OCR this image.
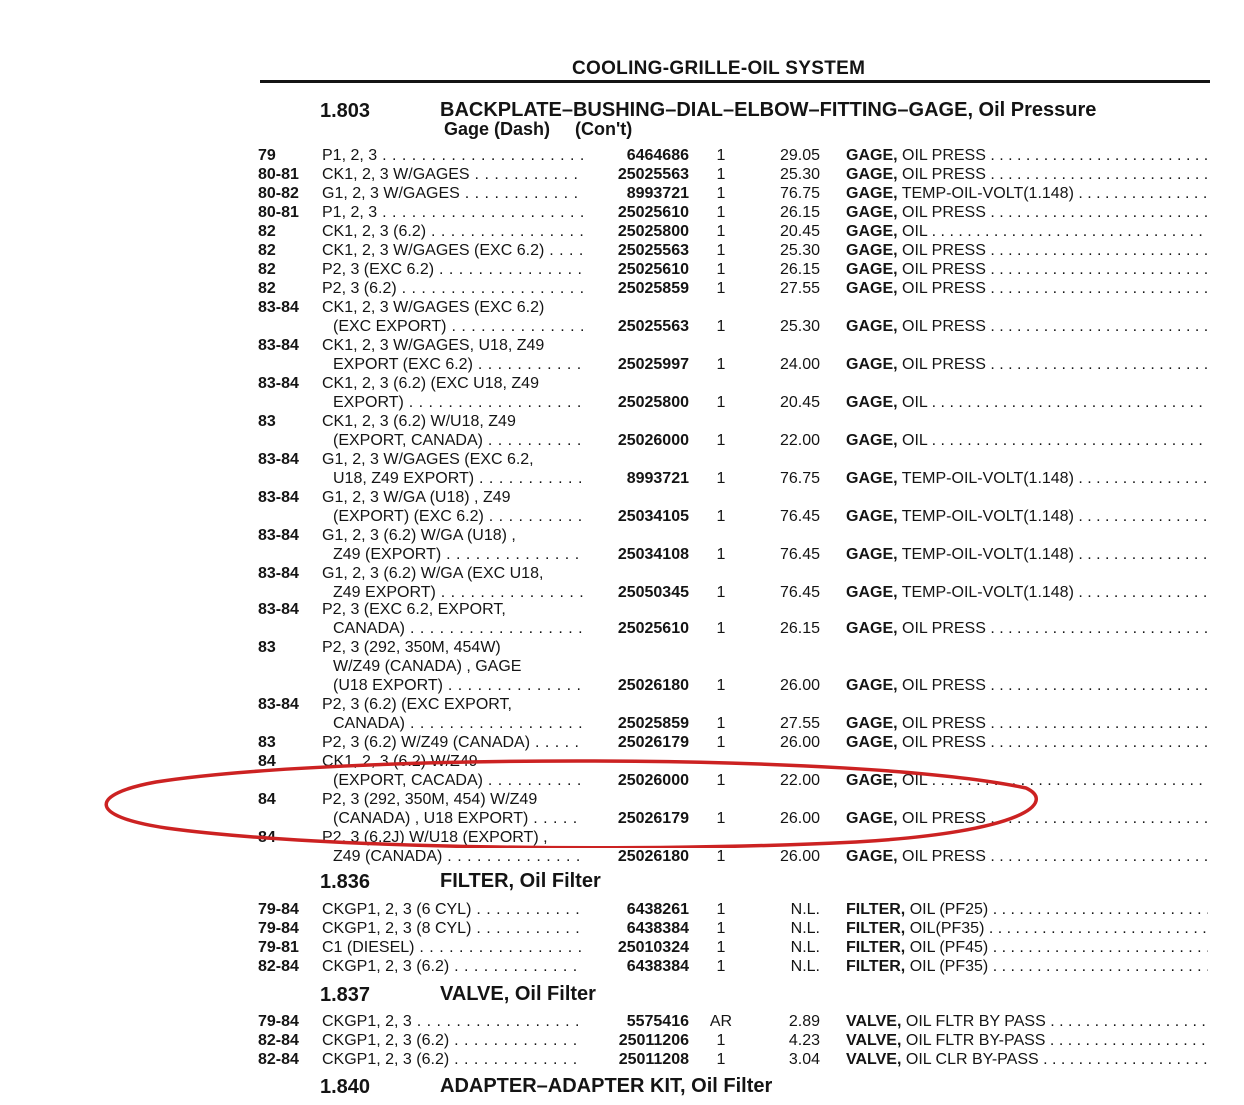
COOLING-GRILLE-OIL SYSTEM
1.803	BACKPLATE–BUSHING–DIAL–ELBOW–FITTING–GAGE, Oil Pressure
Gage (Dash)     (Con't)
79	P1, 2, 3 . . .	6464686	1	29.05 GAGE, OIL PRESS . . .
80-81 CK1, 2, 3 W/GAGES . . .	25025563	1	25.30 GAGE, OIL PRESS . . .
80-82 G1, 2, 3 W/GAGES . . .	8993721	1	76.75 GAGE, TEMP-OIL-VOLT(1.148) . . .
80-81 P1, 2, 3 . . .	25025610	1	26.15 GAGE, OIL PRESS . . .
82	CK1, 2, 3 (6.2) . . .	25025800	1	20.45 GAGE, OIL . . .
82	CK1, 2, 3 W/GAGES (EXC 6.2) . . .	25025563	1	25.30 GAGE, OIL PRESS . . .
82	P2, 3 (EXC 6.2) . . .	25025610	1	26.15 GAGE, OIL PRESS . . .
82	P2, 3 (6.2) . . .	25025859	1	27.55 GAGE, OIL PRESS . . .
83-84 CK1, 2, 3 W/GAGES (EXC 6.2)
(EXC EXPORT) . . .	25025563	1	25.30 GAGE, OIL PRESS . . .
83-84 CK1, 2, 3 W/GAGES, U18, Z49
EXPORT (EXC 6.2) . . .	25025997	1	24.00 GAGE, OIL PRESS . . .
83-84 CK1, 2, 3 (6.2) (EXC U18, Z49
EXPORT) . . .	25025800	1	20.45 GAGE, OIL . . .
83	CK1, 2, 3 (6.2) W/U18, Z49
(EXPORT, CANADA) . . .	25026000	1	22.00 GAGE, OIL . . .
83-84 G1, 2, 3 W/GAGES (EXC 6.2,
U18, Z49 EXPORT) . . .	8993721	1	76.75 GAGE, TEMP-OIL-VOLT(1.148) . . .
83-84 G1, 2, 3 W/GA (U18) , Z49
(EXPORT) (EXC 6.2) . . .	25034105	1	76.45 GAGE, TEMP-OIL-VOLT(1.148) . . .
83-84 G1, 2, 3 (6.2) W/GA (U18) ,
Z49 (EXPORT) . . .	25034108	1	76.45 GAGE, TEMP-OIL-VOLT(1.148) . . .
83-84 G1, 2, 3 (6.2) W/GA (EXC U18,
Z49 EXPORT) . . .	25050345	1	76.45 GAGE, TEMP-OIL-VOLT(1.148) . . .
83-84 P2, 3 (EXC 6.2, EXPORT,
CANADA) . . .	25025610	1	26.15 GAGE, OIL PRESS . . .
83	P2, 3 (292, 350M, 454W)
W/Z49 (CANADA) , GAGE
(U18 EXPORT) . . .	25026180	1	26.00 GAGE, OIL PRESS . . .
83-84 P2, 3 (6.2) (EXC EXPORT,
CANADA) . . .	25025859	1	27.55 GAGE, OIL PRESS . . .
83	P2, 3 (6.2) W/Z49 (CANADA) . . .	25026179	1	26.00 GAGE, OIL PRESS . . .
84	CK1, 2, 3 (6.2) W/Z49
(EXPORT, CACADA) . . .	25026000	1	22.00 GAGE, OIL . . .
84	P2, 3 (292, 350M, 454) W/Z49
(CANADA) , U18 EXPORT) . . .	25026179	1	26.00 GAGE, OIL PRESS . . .
84	P2, 3 (6.2J) W/U18 (EXPORT) ,
Z49 (CANADA) . . .	25026180	1	26.00 GAGE, OIL PRESS . . .
79-84 CKGP1, 2, 3 (6 CYL) . . .	6438261	1	N.L. FILTER, OIL (PF25) . . .
79-84 CKGP1, 2, 3 (8 CYL) . . .	6438384	1	N.L. FILTER, OIL(PF35) . . .
79-81 C1 (DIESEL) . . .	25010324	1	N.L. FILTER, OIL (PF45) . . .
82-84 CKGP1, 2, 3 (6.2) . . .	6438384	1	N.L. FILTER, OIL (PF35) . . .
79-84 CKGP1, 2, 3 . . .	5575416 AR	2.89 VALVE, OIL FLTR BY PASS . . .
82-84 CKGP1, 2, 3 (6.2) . . .	25011206	1	4.23 VALVE, OIL FLTR BY-PASS . . .
82-84 CKGP1, 2, 3 (6.2) . . .	25011208	1	3.04 VALVE, OIL CLR BY-PASS . . .
1.836	FILTER, Oil Filter
1.837	VALVE, Oil Filter
1.840	ADAPTER–ADAPTER KIT, Oil Filter
